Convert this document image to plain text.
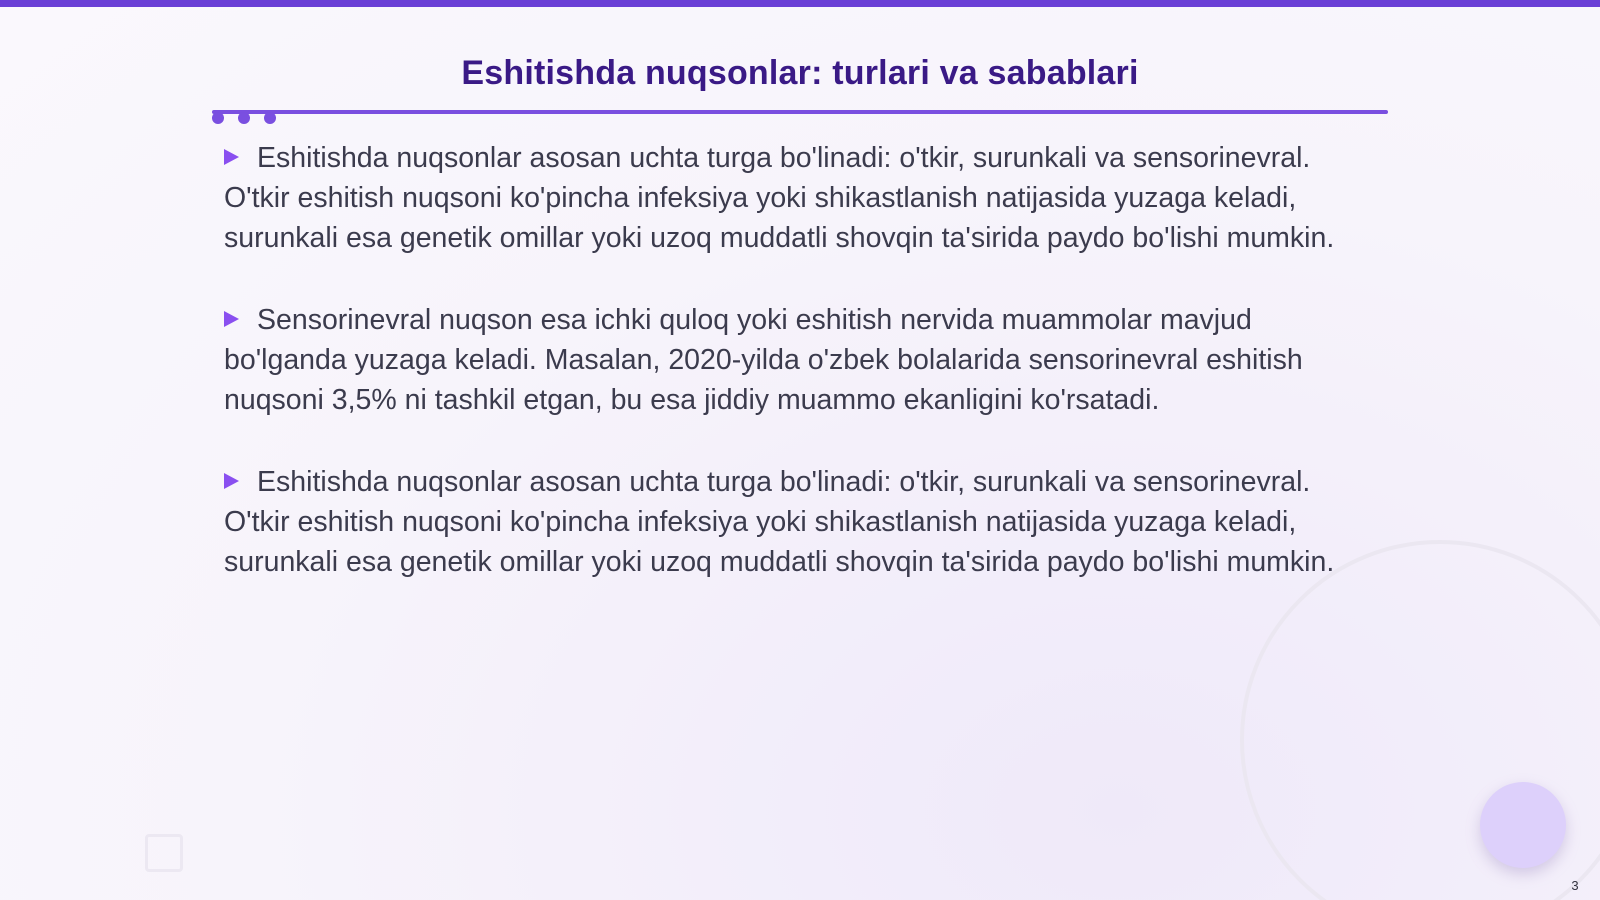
Eshitishda nuqsonlar: turlari va sabablari

Eshitishda nuqsonlar asosan uchta turga bo'linadi: o'tkir, surunkali va sensorinevral. O'tkir eshitish nuqsoni ko'pincha infeksiya yoki shikastlanish natijasida yuzaga keladi, surunkali esa genetik omillar yoki uzoq muddatli shovqin ta'sirida paydo bo'lishi mumkin.

Sensorinevral nuqson esa ichki quloq yoki eshitish nervida muammolar mavjud bo'lganda yuzaga keladi. Masalan, 2020-yilda o'zbek bolalarida sensorinevral eshitish nuqsoni 3,5% ni tashkil etgan, bu esa jiddiy muammo ekanligini ko'rsatadi.

Eshitishda nuqsonlar asosan uchta turga bo'linadi: o'tkir, surunkali va sensorinevral. O'tkir eshitish nuqsoni ko'pincha infeksiya yoki shikastlanish natijasida yuzaga keladi, surunkali esa genetik omillar yoki uzoq muddatli shovqin ta'sirida paydo bo'lishi mumkin.

3
